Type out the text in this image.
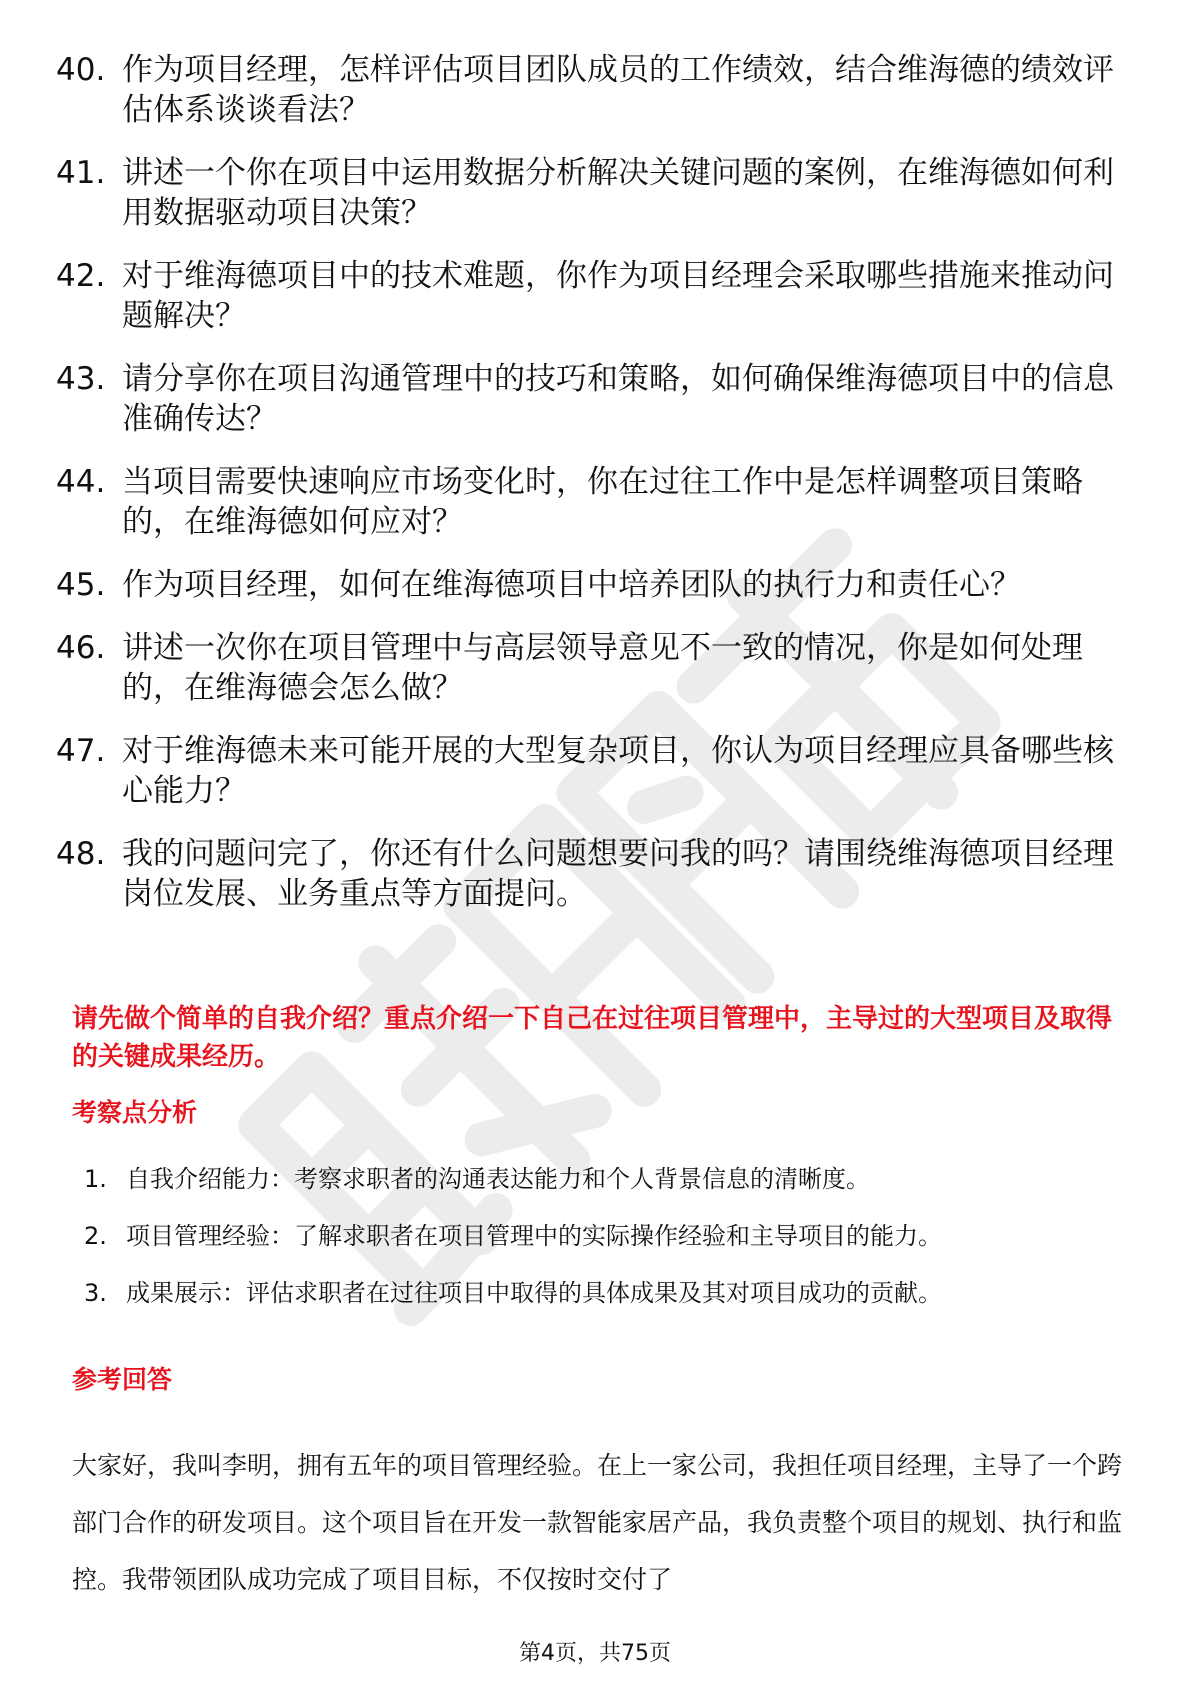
40. 作为项目经理，怎样评估项目团队成员的工作绩效，结合维海德的绩效评估体系谈谈看法？
41. 讲述一个你在项目中运用数据分析解决关键问题的案例，在维海德如何利用数据驱动项目决策？
42. 对于维海德项目中的技术难题，你作为项目经理会采取哪些措施来推动问题解决？
43. 请分享你在项目沟通管理中的技巧和策略，如何确保维海德项目中的信息准确传达？
44. 当项目需要快速响应市场变化时，你在过往工作中是怎样调整项目策略的，在维海德如何应对？
45. 作为项目经理，如何在维海德项目中培养团队的执行力和责任心？
46. 讲述一次你在项目管理中与高层领导意见不一致的情况，你是如何处理的，在维海德会怎么做？
47. 对于维海德未来可能开展的大型复杂项目，你认为项目经理应具备哪些核心能力？
48. 我的问题问完了，你还有什么问题想要问我的吗？请围绕维海德项目经理岗位发展、业务重点等方面提问。
请先做个简单的自我介绍？重点介绍一下自己在过往项目管理中，主导过的大型项目及取得的关键成果经历。
考察点分析
1. 自我介绍能力：考察求职者的沟通表达能力和个人背景信息的清晰度。
2. 项目管理经验：了解求职者在项目管理中的实际操作经验和主导项目的能力。
3. 成果展示：评估求职者在过往项目中取得的具体成果及其对项目成功的贡献。
参考回答

大家好，我叫李明，拥有五年的项目管理经验。在上一家公司，我担任项目经理，主导了一个跨部门合作的研发项目。这个项目旨在开发一款智能家居产品，我负责整个项目的规划、执行和监控。我带领团队成功完成了项目目标，不仅按时交付了

第4页，共75页
